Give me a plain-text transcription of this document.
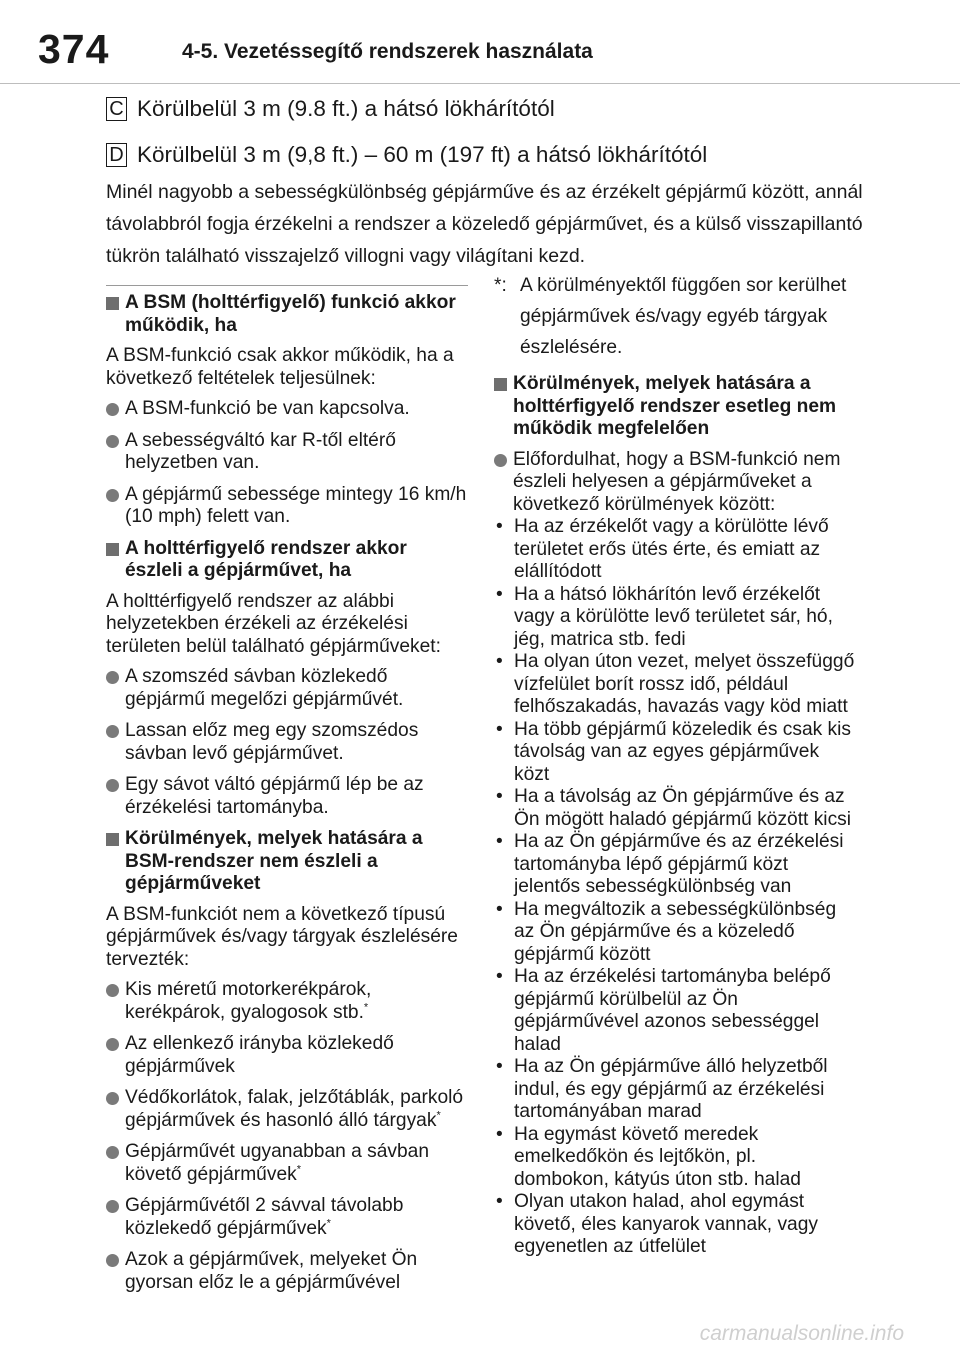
374	4-5. Vezetéssegítő rendszerek használata
C Körülbelül 3 m (9.8 ft.) a hátsó lökhárítótól
D Körülbelül 3 m (9,8 ft.) – 60 m (197 ft) a hátsó lökhárítótól
Minél nagyobb a sebességkülönbség gépjárműve és az érzékelt gépjármű között, annál távolabbról fogja érzékelni a rendszer a közeledő gépjárművet, és a külső visszapillantó tükrön található visszajelző villogni vagy világítani kezd.
A BSM (holttérfigyelő) funkció akkor működik, ha
A BSM-funkció csak akkor működik, ha a következő feltételek teljesülnek:
A BSM-funkció be van kapcsolva.
A sebességváltó kar R-től eltérő helyzetben van.
A gépjármű sebessége mintegy 16 km/h (10 mph) felett van.
A holttérfigyelő rendszer akkor észleli a gépjárművet, ha
A holttérfigyelő rendszer az alábbi helyzetekben érzékeli az érzékelési területen belül található gépjárműveket:
A szomszéd sávban közlekedő gépjármű megelőzi gépjárművét.
Lassan előz meg egy szomszédos sávban levő gépjárművet.
Egy sávot váltó gépjármű lép be az érzékelési tartományba.
Körülmények, melyek hatására a BSM-rendszer nem észleli a gépjárműveket
A BSM-funkciót nem a következő típusú gépjárművek és/vagy tárgyak észlelésére tervezték:
Kis méretű motorkerékpárok, kerékpárok, gyalogosok stb.*
Az ellenkező irányba közlekedő gépjárművek
Védőkorlátok, falak, jelzőtáblák, parkoló gépjárművek és hasonló álló tárgyak*
Gépjárművét ugyanabban a sávban követő gépjárművek*
Gépjárművétől 2 sávval távolabb közlekedő gépjárművek*
Azok a gépjárművek, melyeket Ön gyorsan előz le a gépjárművével
*: A körülményektől függően sor kerülhet gépjárművek és/vagy egyéb tárgyak észlelésére.
Körülmények, melyek hatására a holttérfigyelő rendszer esetleg nem működik megfelelően
Előfordulhat, hogy a BSM-funkció nem észleli helyesen a gépjárműveket a következő körülmények között:
• Ha az érzékelőt vagy a körülötte lévő területet erős ütés érte, és emiatt az elállítódott
• Ha a hátsó lökhárítón levő érzékelőt vagy a körülötte levő területet sár, hó, jég, matrica stb. fedi
• Ha olyan úton vezet, melyet összefüggő vízfelület borít rossz idő, például felhőszakadás, havazás vagy köd miatt
• Ha több gépjármű közeledik és csak kis távolság van az egyes gépjárművek közt
• Ha a távolság az Ön gépjárműve és az Ön mögött haladó gépjármű között kicsi
• Ha az Ön gépjárműve és az érzékelési tartományba lépő gépjármű közt jelentős sebességkülönbség van
• Ha megváltozik a sebességkülönbség az Ön gépjárműve és a közeledő gépjármű között
• Ha az érzékelési tartományba belépő gépjármű körülbelül az Ön gépjárművével azonos sebességgel halad
• Ha az Ön gépjárműve álló helyzetből indul, és egy gépjármű az érzékelési tartományában marad
• Ha egymást követő meredek emelkedőkön és lejtőkön, pl. dombokon, kátyús úton stb. halad
• Olyan utakon halad, ahol egymást követő, éles kanyarok vannak, vagy egyenetlen az útfelület
carmanualsonline.info
